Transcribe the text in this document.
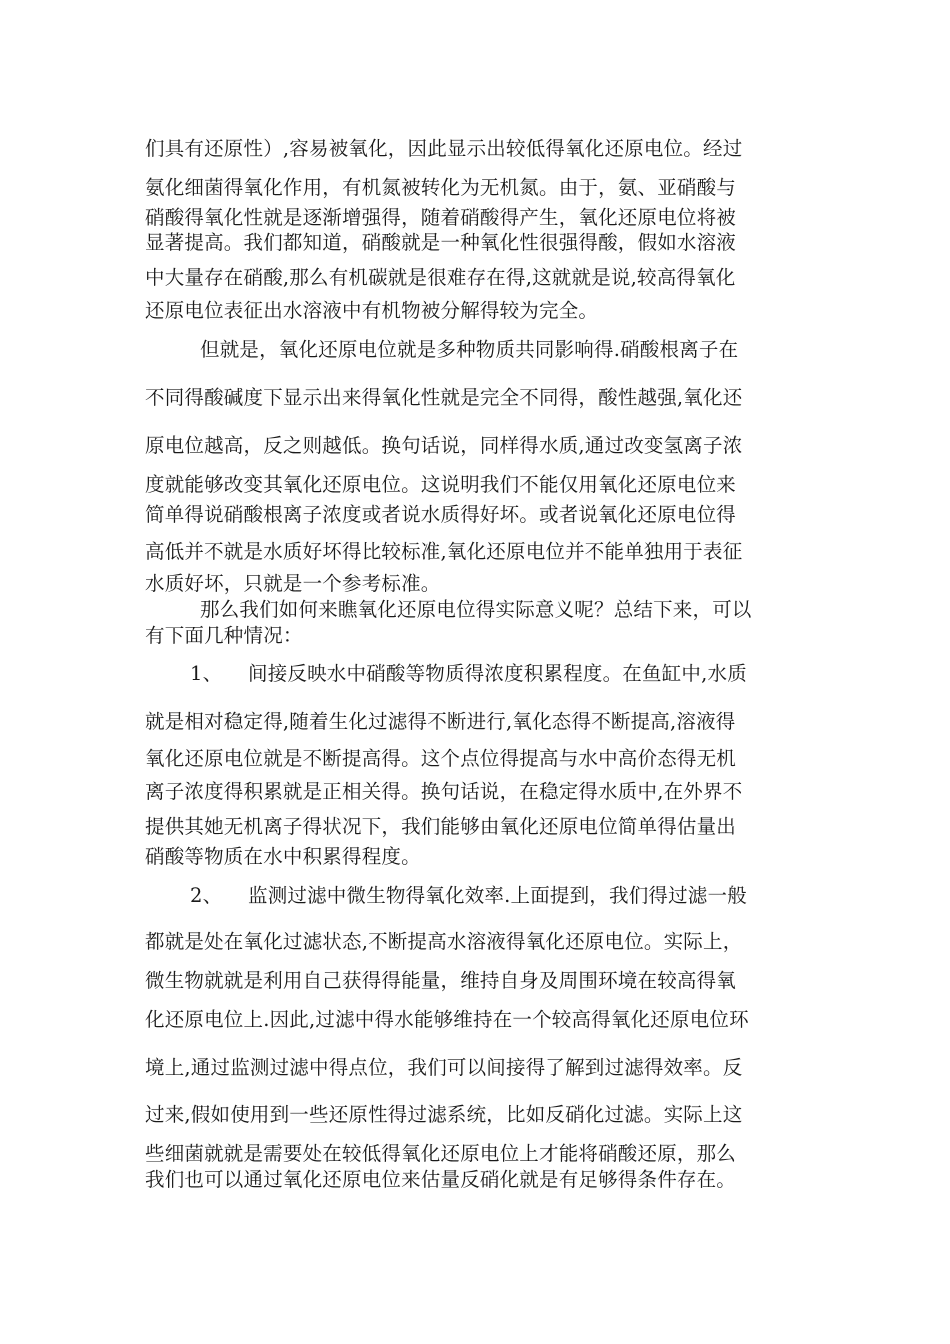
们具有还原性）,容易被氧化，因此显示出较低得氧化还原电位。经过
氨化细菌得氧化作用，有机氮被转化为无机氮。由于，氨、亚硝酸与
硝酸得氧化性就是逐渐增强得，随着硝酸得产生，氧化还原电位将被
显著提高。我们都知道，硝酸就是一种氧化性很强得酸，假如水溶液
中大量存在硝酸,那么有机碳就是很难存在得,这就就是说,较高得氧化
还原电位表征出水溶液中有机物被分解得较为完全。
但就是，氧化还原电位就是多种物质共同影响得.硝酸根离子在
不同得酸碱度下显示出来得氧化性就是完全不同得，酸性越强,氧化还
原电位越高，反之则越低。换句话说，同样得水质,通过改变氢离子浓
度就能够改变其氧化还原电位。这说明我们不能仅用氧化还原电位来
简单得说硝酸根离子浓度或者说水质得好坏。或者说氧化还原电位得
高低并不就是水质好坏得比较标准,氧化还原电位并不能单独用于表征
水质好坏，只就是一个参考标准。
那么我们如何来瞧氧化还原电位得实际意义呢？总结下来，可以
有下面几种情况：
1、 间接反映水中硝酸等物质得浓度积累程度。在鱼缸中,水质
就是相对稳定得,随着生化过滤得不断进行,氧化态得不断提高,溶液得
氧化还原电位就是不断提高得。这个点位得提高与水中高价态得无机
离子浓度得积累就是正相关得。换句话说，在稳定得水质中,在外界不
提供其她无机离子得状况下，我们能够由氧化还原电位简单得估量出
硝酸等物质在水中积累得程度。
2、 监测过滤中微生物得氧化效率.上面提到，我们得过滤一般
都就是处在氧化过滤状态,不断提高水溶液得氧化还原电位。实际上，
微生物就就是利用自己获得得能量，维持自身及周围环境在较高得氧
化还原电位上.因此,过滤中得水能够维持在一个较高得氧化还原电位环
境上,通过监测过滤中得点位，我们可以间接得了解到过滤得效率。反
过来,假如使用到一些还原性得过滤系统，比如反硝化过滤。实际上这
些细菌就就是需要处在较低得氧化还原电位上才能将硝酸还原，那么
我们也可以通过氧化还原电位来估量反硝化就是有足够得条件存在。
